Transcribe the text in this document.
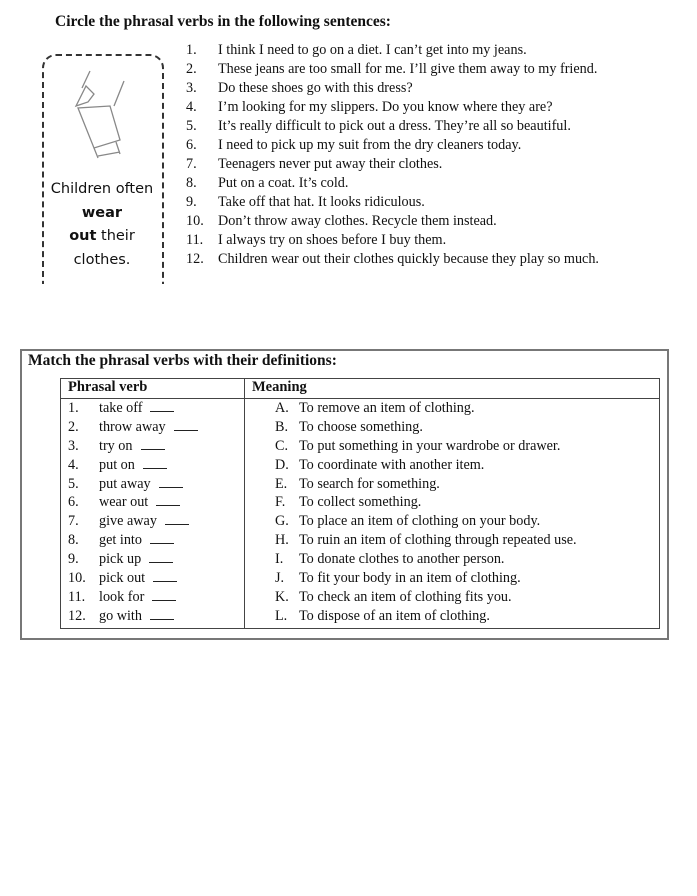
Circle the phrasal verbs in the following sentences:
1. I think I need to go on a diet. I can’t get into my jeans.
2. These jeans are too small for me. I’ll give them away to my friend.
3. Do these shoes go with this dress?
4. I’m looking for my slippers. Do you know where they are?
5. It’s really difficult to pick out a dress. They’re all so beautiful.
6. I need to pick up my suit from the dry cleaners today.
7. Teenagers never put away their clothes.
8. Put on a coat. It’s cold.
9. Take off that hat. It looks ridiculous.
10. Don’t throw away clothes. Recycle them instead.
11. I always try on shoes before I buy them.
12. Children wear out their clothes quickly because they play so much.
Children often wear
out their clothes.
Match the phrasal verbs with their definitions:
Phrasal verb	Meaning
1. take off
2. throw away
3. try on
4. put on
5. put away
6. wear out
7. give away
8. get into
9. pick up
10. pick out
11. look for
12. go with
A. To remove an item of clothing.
B. To choose something.
C. To put something in your wardrobe or drawer.
D. To coordinate with another item.
E. To search for something.
F. To collect something.
G. To place an item of clothing on your body.
H. To ruin an item of clothing through repeated use.
I. To donate clothes to another person.
J. To fit your body in an item of clothing.
K. To check an item of clothing fits you.
L. To dispose of an item of clothing.
